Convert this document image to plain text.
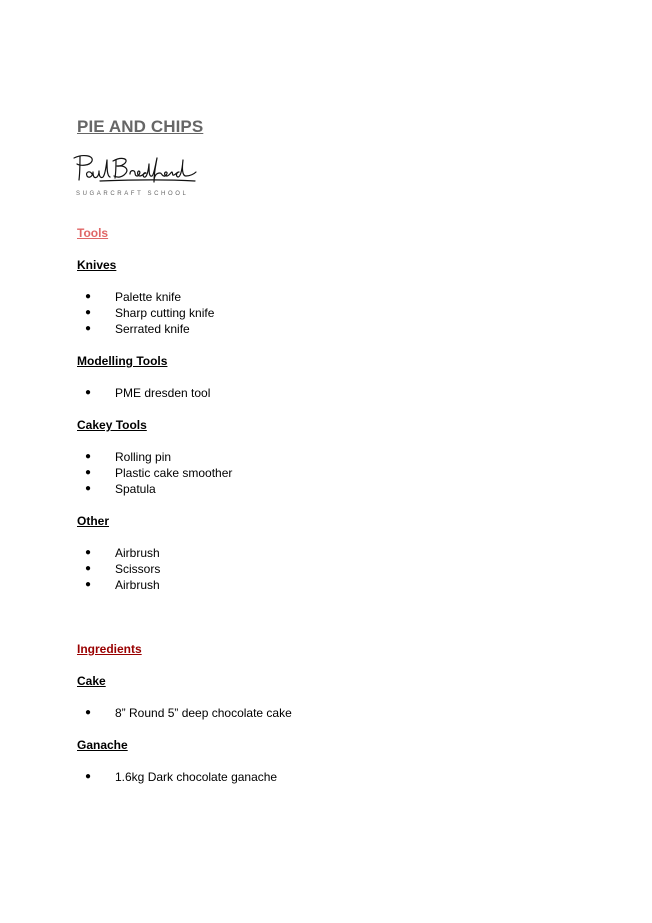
PIE AND CHIPS
SUGARCRAFT SCHOOL
Tools
Knives
● Palette knife
● Sharp cutting knife
● Serrated knife
Modelling Tools
● PME dresden tool
Cakey Tools
● Rolling pin
● Plastic cake smoother
● Spatula
Other
● Airbrush
● Scissors
● Airbrush
Ingredients
Cake
● 8” Round 5” deep chocolate cake
Ganache
● 1.6kg Dark chocolate ganache
